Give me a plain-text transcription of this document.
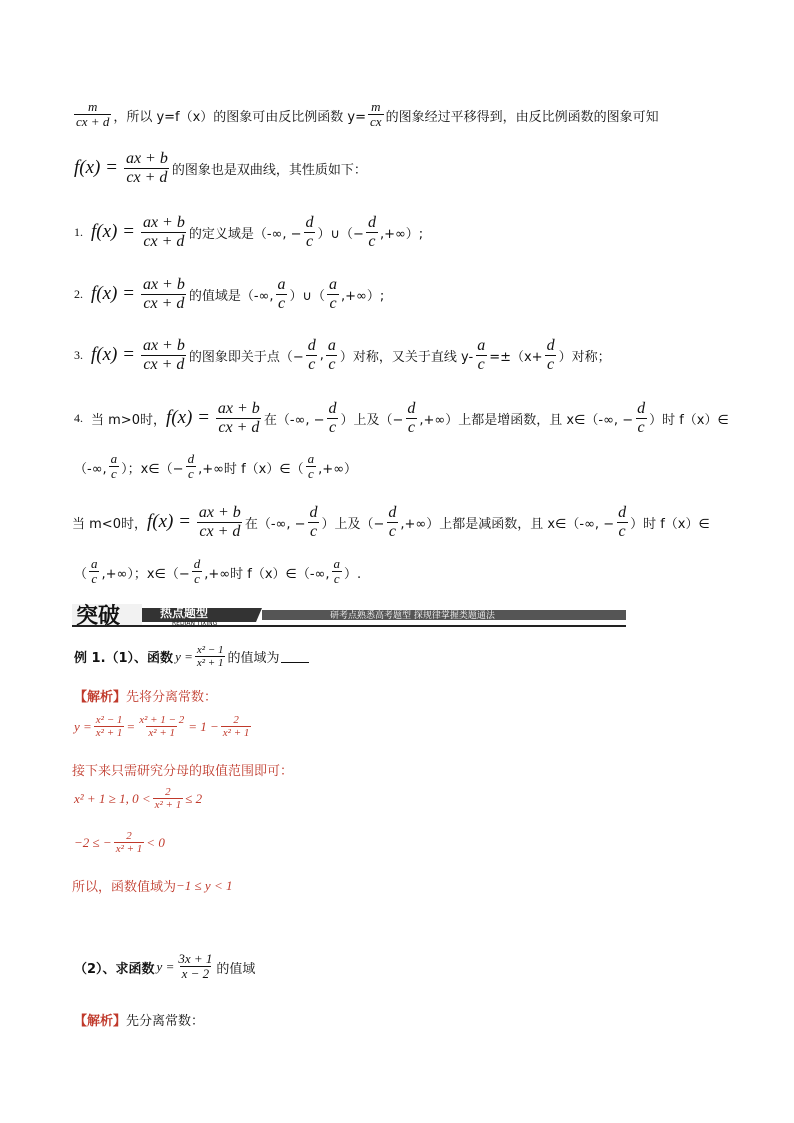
$\frac{m}{cx + d}$ ，所以 y=f（x）的图象可由反比例函数 $y= \frac{m}{cx}$ 的图象经过平移得到，由反比例函数的图象可知
$f(x) = \frac{ax + b}{cx + d}$ 的图象也是双曲线，其性质如下：
1. $f(x) = \frac{ax + b}{cx + d}$ 的定义域是（-∞, − $\frac{d}{c}$ ）∪（− $\frac{d}{c}$ ,+∞）;
2. $f(x) = \frac{ax + b}{cx + d}$ 的值域是（-∞, $\frac{a}{c}$ ）∪（ $\frac{a}{c}$ ,+∞）;
3. $f(x) = \frac{ax + b}{cx + d}$ 的图象即关于点（− $\frac{d}{c}$ , $\frac{a}{c}$ ）对称，又关于直线 $y- \frac{a}{c} =\pm(x+ \frac{d}{c}$ ）对称；
4. 当 m>0时， $f(x) = \frac{ax + b}{cx + d}$ 在（-∞, − $\frac{d}{c}$ ）上及（− $\frac{d}{c}$ ,+∞）上都是增函数，且 x∈（-∞, − $\frac{d}{c}$ ）时 f（x）∈
（-∞, $\frac{a}{c}$ ）；x∈（− $\frac{d}{c}$ ,+∞时 f（x）∈（ $\frac{a}{c}$ ,+∞）
当 m<0时， $f(x) = \frac{ax + b}{cx + d}$ 在（-∞, − $\frac{d}{c}$ ）上及（− $\frac{d}{c}$ ,+∞）上都是减函数，且 x∈（-∞, − $\frac{d}{c}$ ）时 f（x）∈
（ $\frac{a}{c}$ ,+∞）；x∈（− $\frac{d}{c}$ ,+∞时 f（x）∈（-∞, $\frac{a}{c}$ ）.
突破	热点题型
REDIAN TIXING
研考点熟悉高考题型 探规律掌握类题通法
例 1.（1）、函数 $y = \frac{\text{x² − 1}}{\text{x² + 1}}$ 的值域为
【解析】 先将分离常数：
$y = \frac{\text{x² − 1}}{\text{x² + 1}} = \frac{\text{x² + 1 − 2}}{\text{x² + 1}} = 1 - \frac{2}{\text{x² + 1}}$
接下来只需研究分母的取值范围即可：
x² + 1 ≥ 1, $0 < \frac{2}{\text{x² + 1}} \le 2$
−2 ≤ − $\frac{2}{\text{x² + 1}} < 0$
所以，函数值域为 −1 ≤ y < 1
（2）、求函数 $y = \frac{3x + 1}{x - 2}$ 的值域
【解析】 先分离常数：
